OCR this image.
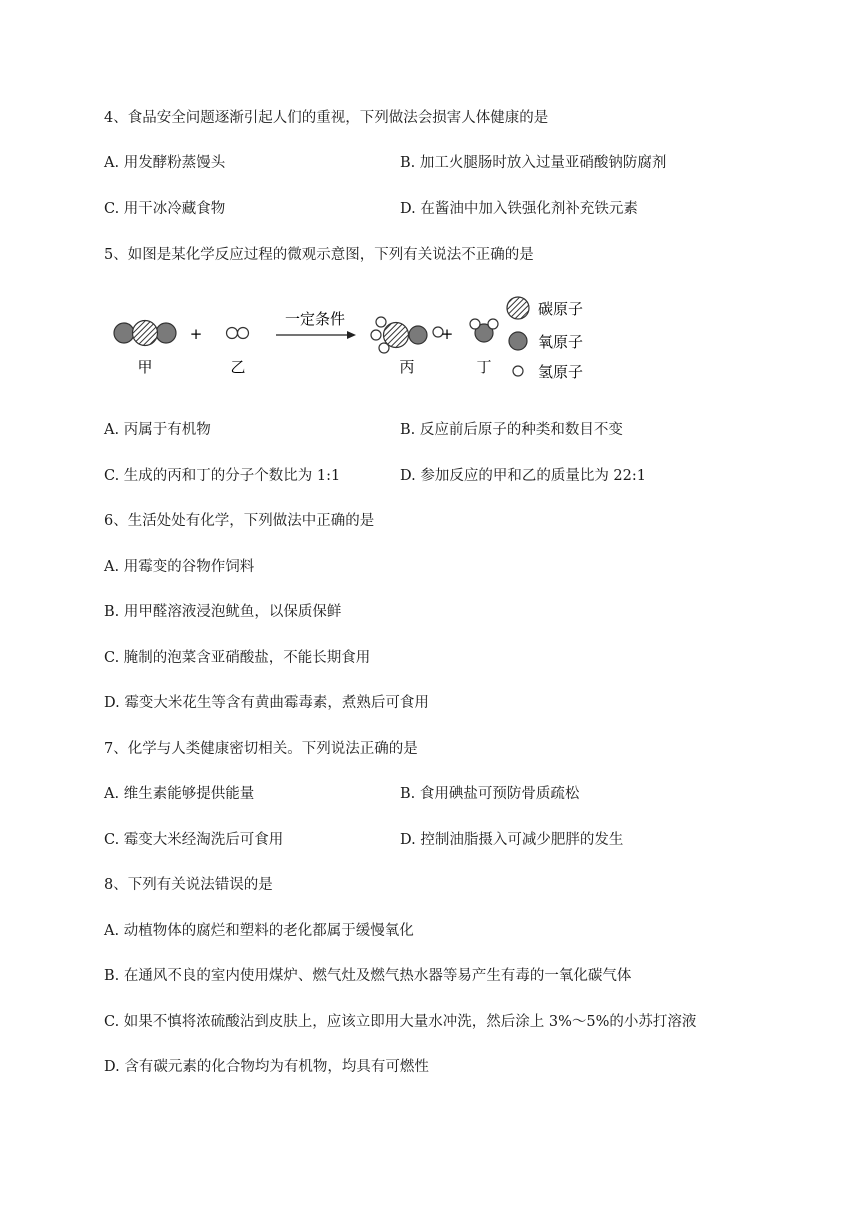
4、食品安全问题逐渐引起人们的重视，下列做法会损害人体健康的是
A. 用发酵粉蒸馒头	B. 加工火腿肠时放入过量亚硝酸钠防腐剂
C. 用干冰冷藏食物	D. 在酱油中加入铁强化剂补充铁元素
5、如图是某化学反应过程的微观示意图，下列有关说法不正确的是
甲
+
乙
一定条件
丙
+
丁
碳原子
氧原子
氢原子
A. 丙属于有机物	B. 反应前后原子的种类和数目不变
C. 生成的丙和丁的分子个数比为 1:1	D. 参加反应的甲和乙的质量比为 22:1
6、生活处处有化学，下列做法中正确的是
A. 用霉变的谷物作饲料
B. 用甲醛溶液浸泡鱿鱼，以保质保鲜
C. 腌制的泡菜含亚硝酸盐，不能长期食用
D. 霉变大米花生等含有黄曲霉毒素，煮熟后可食用
7、化学与人类健康密切相关。下列说法正确的是
A. 维生素能够提供能量	B. 食用碘盐可预防骨质疏松
C. 霉变大米经淘洗后可食用	D. 控制油脂摄入可减少肥胖的发生
8、下列有关说法错误的是
A. 动植物体的腐烂和塑料的老化都属于缓慢氧化
B. 在通风不良的室内使用煤炉、燃气灶及燃气热水器等易产生有毒的一氧化碳气体
C. 如果不慎将浓硫酸沾到皮肤上，应该立即用大量水冲洗，然后涂上 3%～5%的小苏打溶液
D. 含有碳元素的化合物均为有机物，均具有可燃性
